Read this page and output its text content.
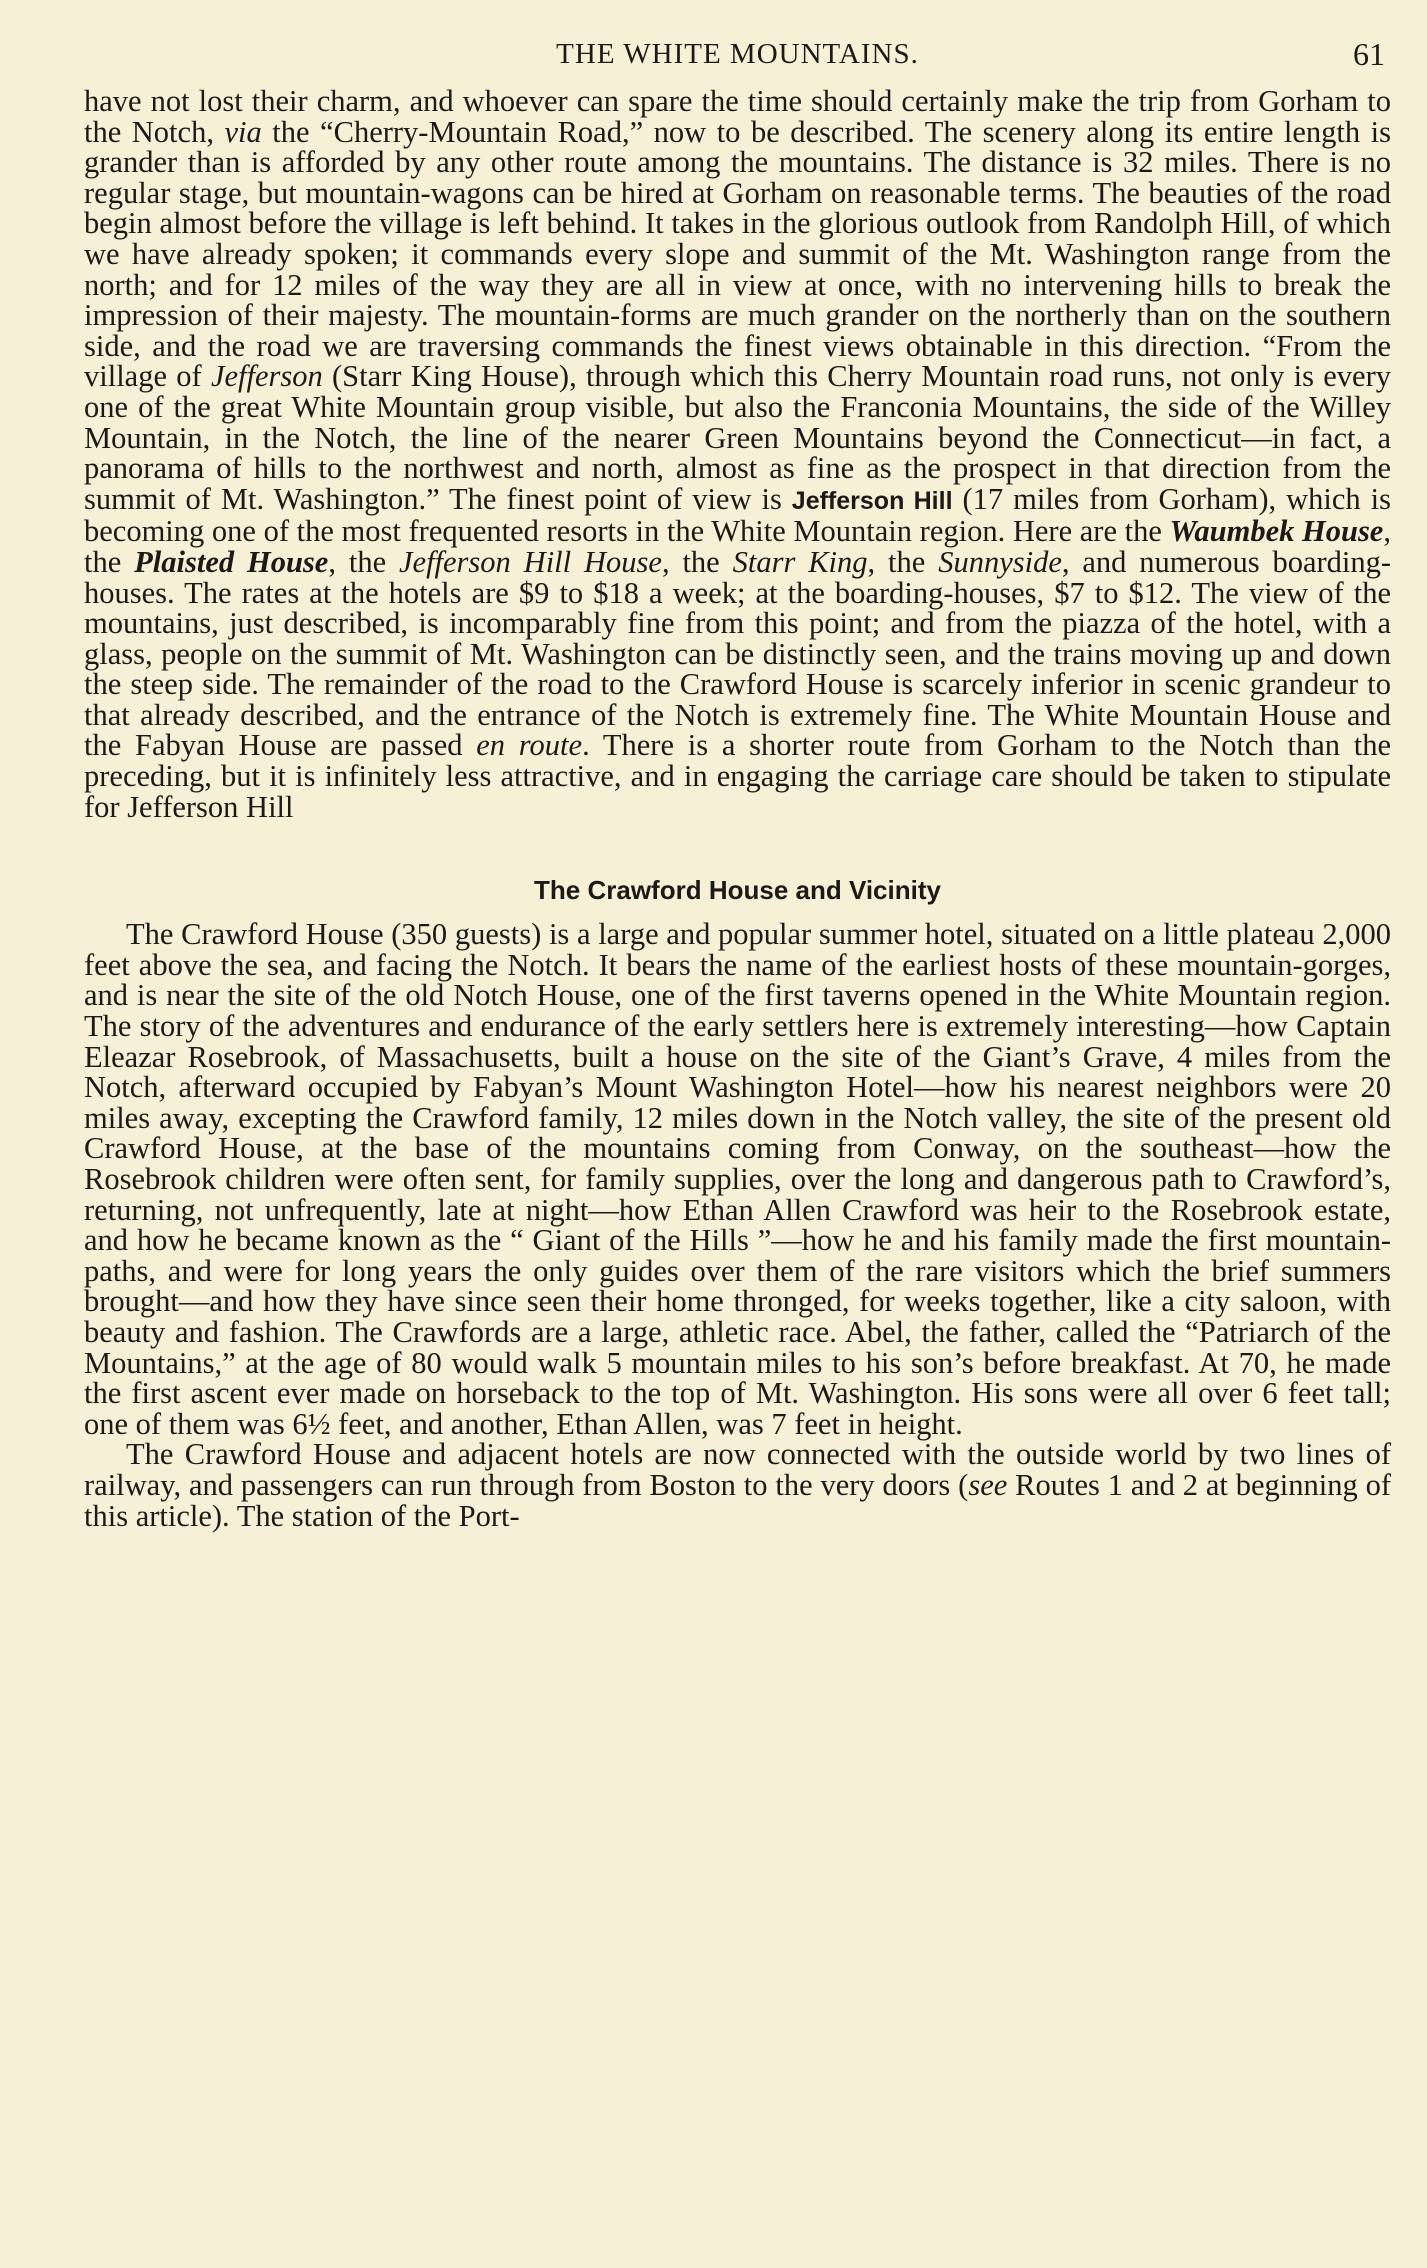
THE WHITE MOUNTAINS.	61

have not lost their charm, and whoever can spare the time should certainly make the trip from Gorham to the Notch, via the “Cherry-Mountain Road,” now to be described. The scenery along its entire length is grander than is afforded by any other route among the mountains. The distance is 32 miles. There is no regular stage, but mountain-wagons can be hired at Gorham on reasonable terms. The beauties of the road begin almost before the village is left behind. It takes in the glorious outlook from Randolph Hill, of which we have already spoken; it commands every slope and summit of the Mt. Washington range from the north; and for 12 miles of the way they are all in view at once, with no intervening hills to break the impression of their majesty. The mountain-forms are much grander on the northerly than on the southern side, and the road we are traversing commands the finest views obtainable in this direction. “From the village of Jefferson (Starr King House), through which this Cherry Mountain road runs, not only is every one of the great White Mountain group visible, but also the Franconia Mountains, the side of the Willey Mountain, in the Notch, the line of the nearer Green Mountains beyond the Connecticut—in fact, a panorama of hills to the northwest and north, almost as fine as the prospect in that direction from the summit of Mt. Washington.” The finest point of view is Jefferson Hill (17 miles from Gorham), which is becoming one of the most frequented resorts in the White Mountain region. Here are the Waumbek House, the Plaisted House, the Jefferson Hill House, the Starr King, the Sunnyside, and numerous boarding-houses. The rates at the hotels are $9 to $18 a week; at the boarding-houses, $7 to $12. The view of the mountains, just described, is incomparably fine from this point; and from the piazza of the hotel, with a glass, people on the summit of Mt. Washington can be distinctly seen, and the trains moving up and down the steep side. The remainder of the road to the Crawford House is scarcely inferior in scenic grandeur to that already described, and the entrance of the Notch is extremely fine. The White Mountain House and the Fabyan House are passed en route. There is a shorter route from Gorham to the Notch than the preceding, but it is infinitely less attractive, and in engaging the carriage care should be taken to stipulate for Jefferson Hill

The Crawford House and Vicinity

The Crawford House (350 guests) is a large and popular summer hotel, situated on a little plateau 2,000 feet above the sea, and facing the Notch. It bears the name of the earliest hosts of these mountain-gorges, and is near the site of the old Notch House, one of the first taverns opened in the White Mountain region. The story of the adventures and endurance of the early settlers here is extremely interesting—how Captain Eleazar Rosebrook, of Massachusetts, built a house on the site of the Giant’s Grave, 4 miles from the Notch, afterward occupied by Fabyan’s Mount Washington Hotel—how his nearest neighbors were 20 miles away, excepting the Crawford family, 12 miles down in the Notch valley, the site of the present old Crawford House, at the base of the mountains coming from Conway, on the southeast—how the Rosebrook children were often sent, for family supplies, over the long and dangerous path to Crawford’s, returning, not unfrequently, late at night—how Ethan Allen Crawford was heir to the Rosebrook estate, and how he became known as the “ Giant of the Hills ”—how he and his family made the first mountain-paths, and were for long years the only guides over them of the rare visitors which the brief summers brought—and how they have since seen their home thronged, for weeks together, like a city saloon, with beauty and fashion. The Crawfords are a large, athletic race. Abel, the father, called the “Patriarch of the Mountains,” at the age of 80 would walk 5 mountain miles to his son’s before breakfast. At 70, he made the first ascent ever made on horseback to the top of Mt. Washington. His sons were all over 6 feet tall; one of them was 6½ feet, and another, Ethan Allen, was 7 feet in height.

The Crawford House and adjacent hotels are now connected with the outside world by two lines of railway, and passengers can run through from Boston to the very doors (see Routes 1 and 2 at beginning of this article). The station of the Port-
